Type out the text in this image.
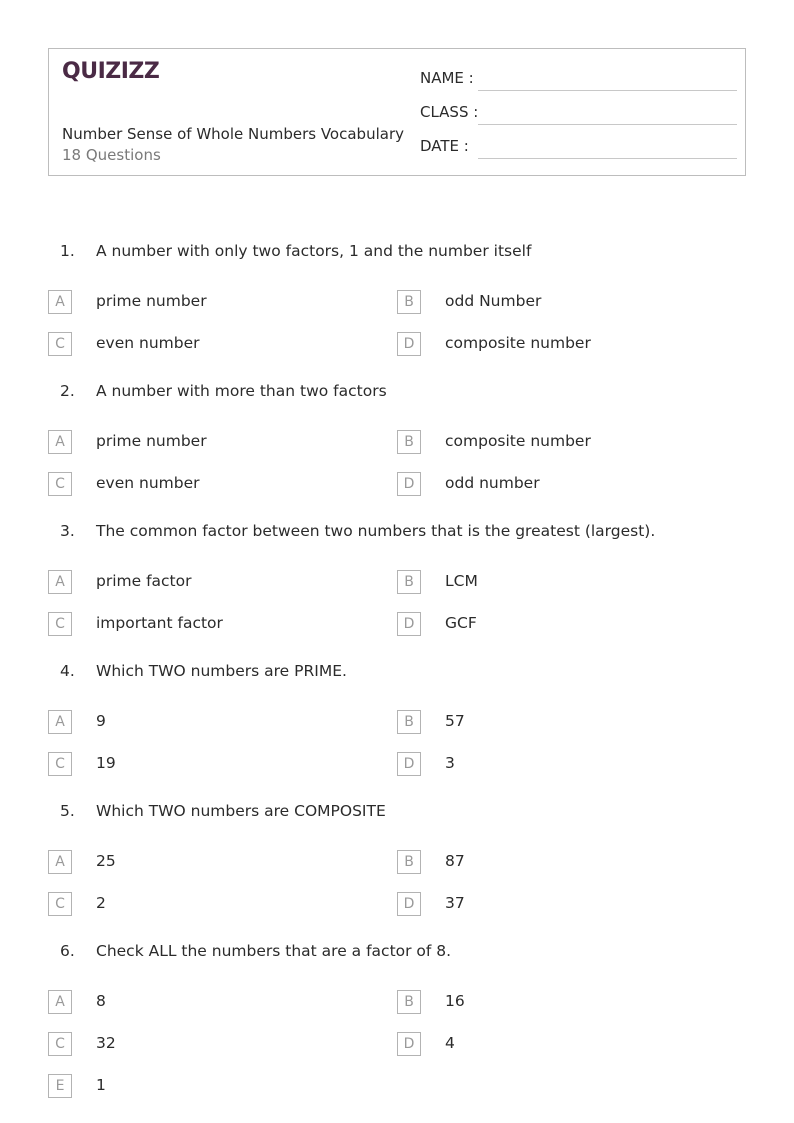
QUIZIZZ
Number Sense of Whole Numbers Vocabulary
18 Questions
NAME :
CLASS :
DATE :
1. A number with only two factors, 1 and the number itself
A	prime number	B	odd Number
C	even number	D	composite number
2. A number with more than two factors
A	prime number	B	composite number
C	even number	D	odd number
3. The common factor between two numbers that is the greatest (largest).
A	prime factor	B	LCM
C	important factor	D	GCF
4. Which TWO numbers are PRIME.
A	9	B	57
C	19	D	3
5. Which TWO numbers are COMPOSITE
A	25	B	87
C	2	D	37
6. Check ALL the numbers that are a factor of 8.
A	8	B	16
C	32	D	4
E	1
